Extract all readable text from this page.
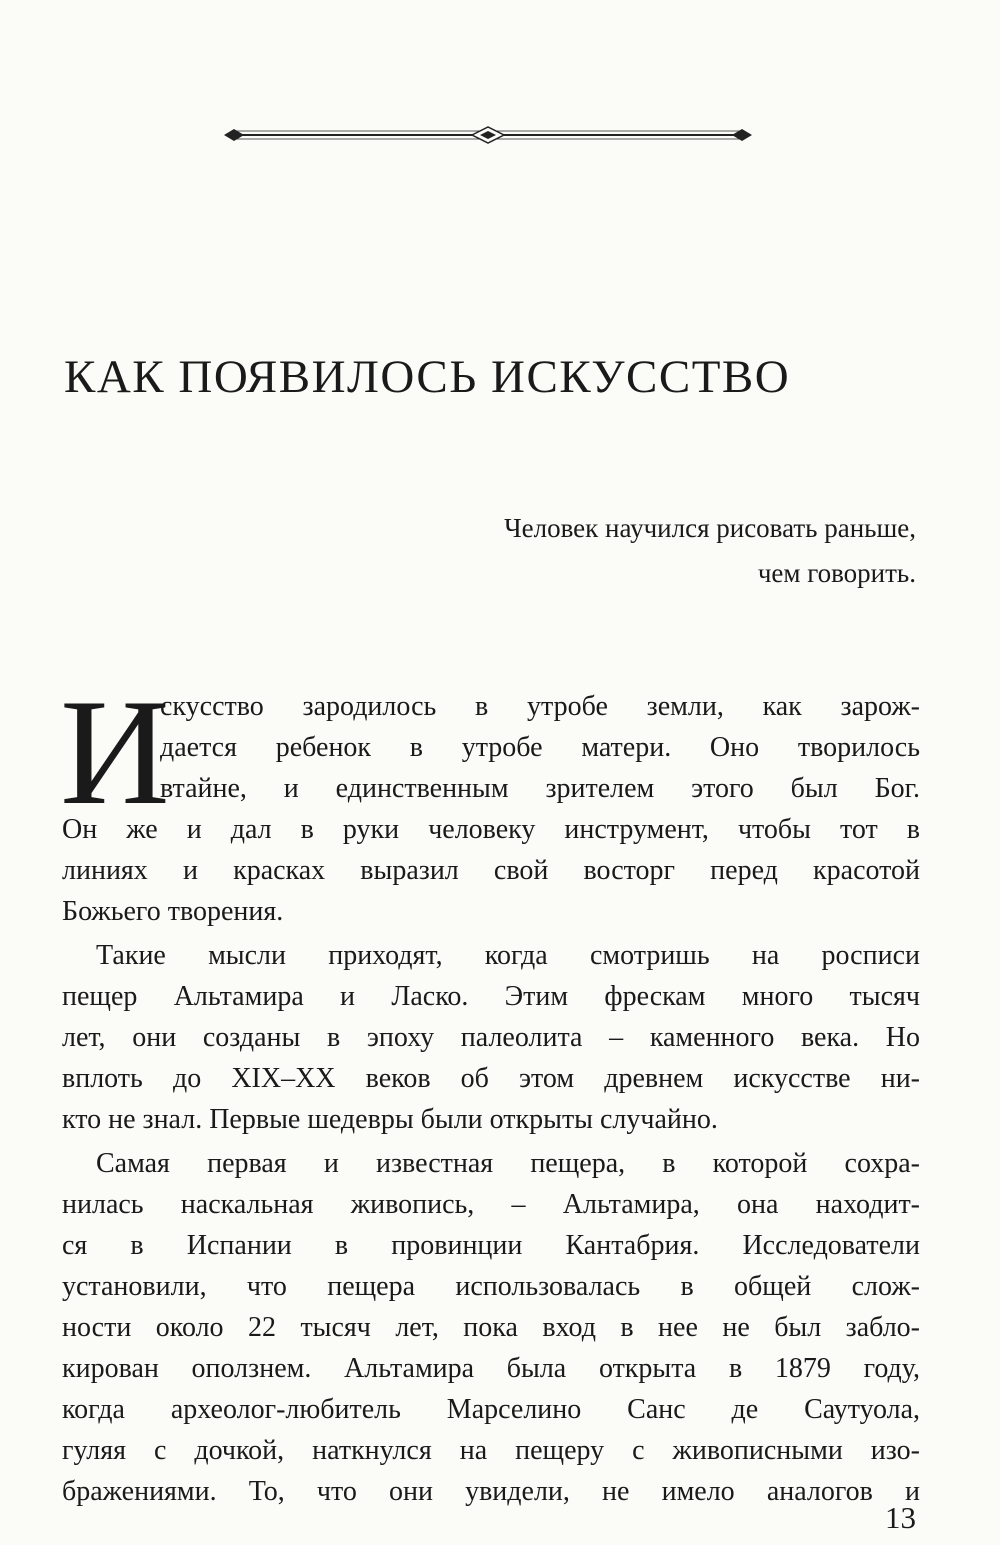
КАК ПОЯВИЛОСЬ ИСКУССТВО
Человек научился рисовать раньше,
чем говорить.
И
скусство зародилось в утробе земли, как зарож-
дается ребенок в утробе матери. Оно творилось
втайне, и единственным зрителем этого был Бог.
Он же и дал в руки человеку инструмент, чтобы тот в
линиях и красках выразил свой восторг перед красотой
Божьего творения.
Такие мысли приходят, когда смотришь на росписи
пещер Альтамира и Ласко. Этим фрескам много тысяч
лет, они созданы в эпоху палеолита – каменного века. Но
вплоть до XIX–XX веков об этом древнем искусстве ни-
кто не знал. Первые шедевры были открыты случайно.
Самая первая и известная пещера, в которой сохра-
нилась наскальная живопись, – Альтамира, она находит-
ся в Испании в провинции Кантабрия. Исследователи
установили, что пещера использовалась в общей слож-
ности около 22 тысяч лет, пока вход в нее не был забло-
кирован оползнем. Альтамира была открыта в 1879 году,
когда археолог-любитель Марселино Санс де Саутуола,
гуляя с дочкой, наткнулся на пещеру с живописными изо-
бражениями. То, что они увидели, не имело аналогов и
13
